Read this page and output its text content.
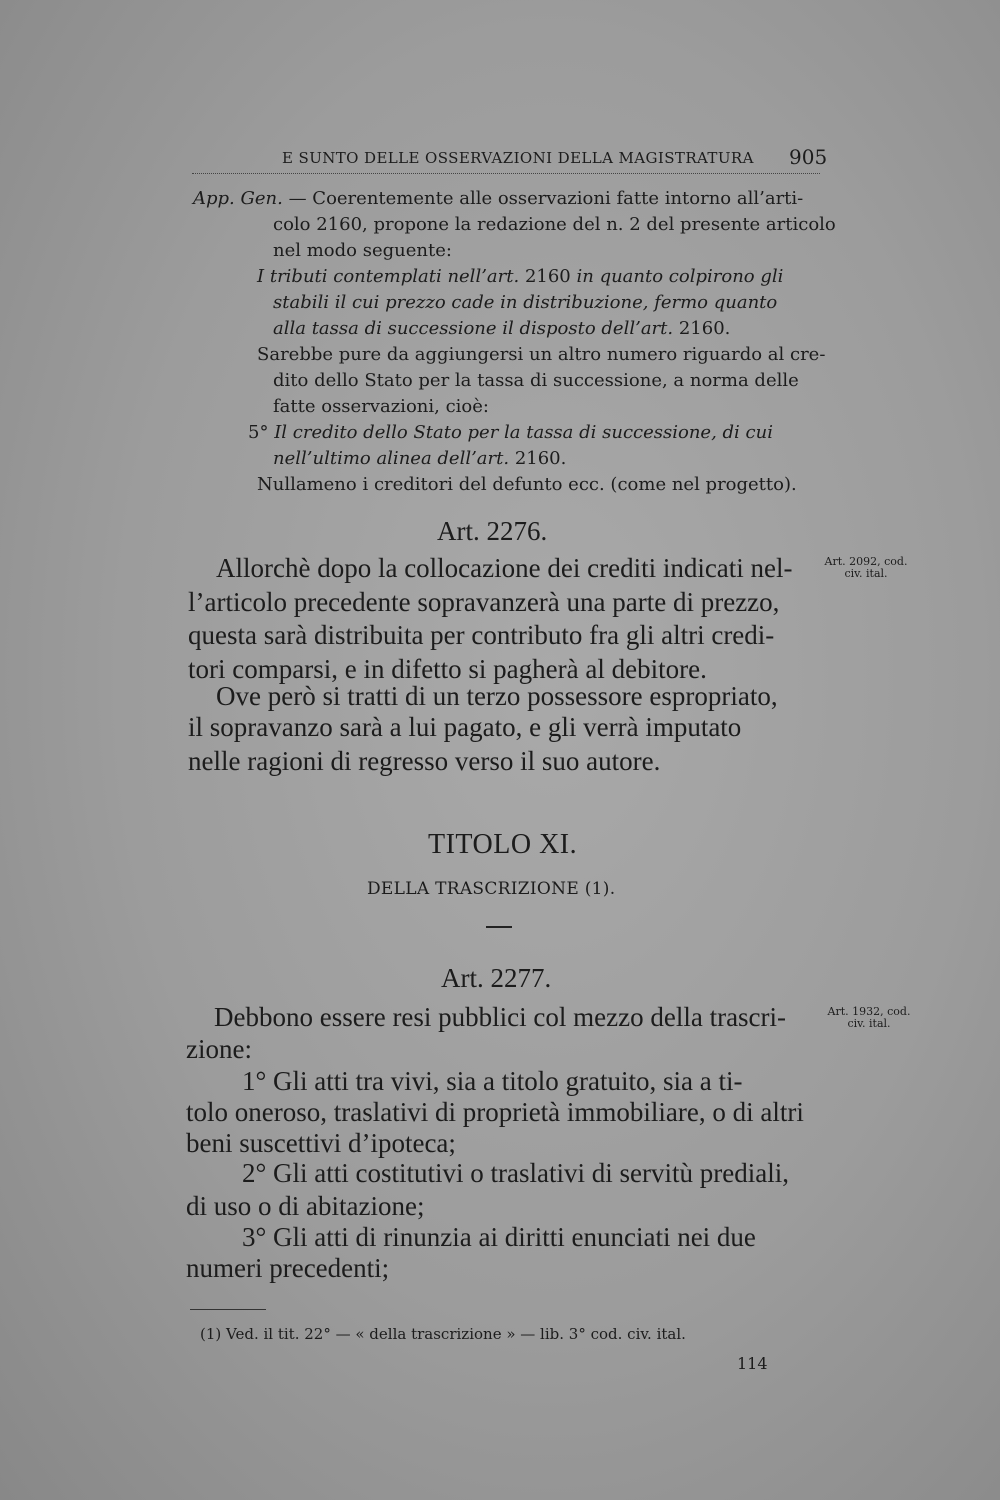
E SUNTO DELLE OSSERVAZIONI DELLA MAGISTRATURA 905
App. Gen. — Coerentemente alle osservazioni fatte intorno all’arti-
colo 2160, propone la redazione del n. 2 del presente articolo
nel modo seguente:
I tributi contemplati nell’art. 2160 in quanto colpirono gli
stabili il cui prezzo cade in distribuzione, fermo quanto
alla tassa di successione il disposto dell’art. 2160.
Sarebbe pure da aggiungersi un altro numero riguardo al cre-
dito dello Stato per la tassa di successione, a norma delle
fatte osservazioni, cioè:
5° Il credito dello Stato per la tassa di successione, di cui
nell’ultimo alinea dell’art. 2160.
Nullameno i creditori del defunto ecc. (come nel progetto).
Art. 2276.
Art. 2092, cod.
civ. ital.
Allorchè dopo la collocazione dei crediti indicati nel-
l’articolo precedente sopravanzerà una parte di prezzo,
questa sarà distribuita per contributo fra gli altri credi-
tori comparsi, e in difetto si pagherà al debitore.
Ove però si tratti di un terzo possessore espropriato,
il sopravanzo sarà a lui pagato, e gli verrà imputato
nelle ragioni di regresso verso il suo autore.
TITOLO XI.
DELLA TRASCRIZIONE (1).
Art. 2277.
Art. 1932, cod.
civ. ital.
Debbono essere resi pubblici col mezzo della trascri-
zione:
1° Gli atti tra vivi, sia a titolo gratuito, sia a ti-
tolo oneroso, traslativi di proprietà immobiliare, o di altri
beni suscettivi d’ipoteca;
2° Gli atti costitutivi o traslativi di servitù prediali,
di uso o di abitazione;
3° Gli atti di rinunzia ai diritti enunciati nei due
numeri precedenti;
(1) Ved. il tit. 22° — « della trascrizione » — lib. 3° cod. civ. ital.
114
